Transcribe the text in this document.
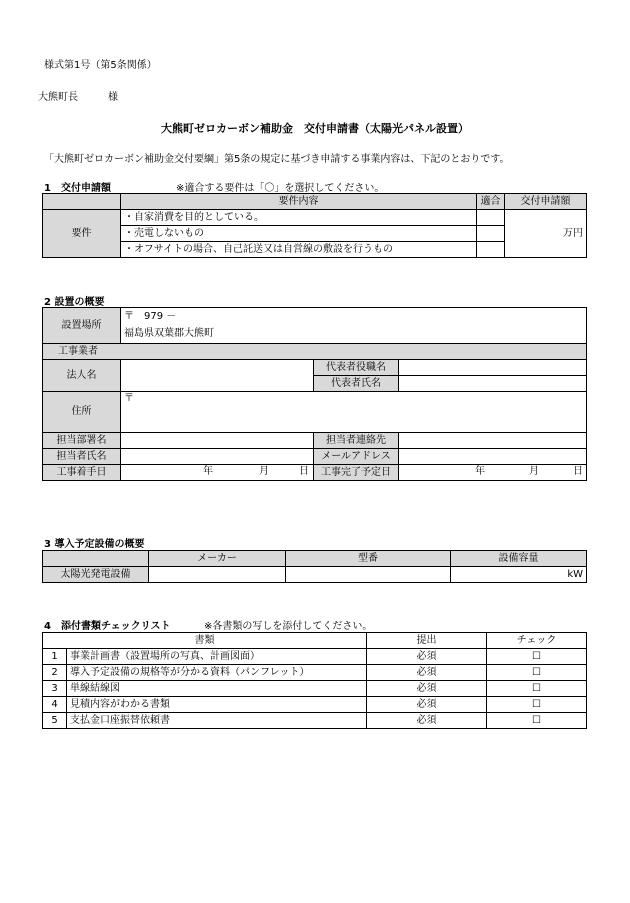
様式第1号（第5条関係）
大熊町長　　　様
大熊町ゼロカーボン補助金　交付申請書（太陽光パネル設置）
「大熊町ゼロカーボン補助金交付要綱」第5条の規定に基づき申請する事業内容は、下記のとおりです。
1　交付申請額	※適合する要件は「〇」を選択してください。
	要件内容	適合	交付申請額
要件	・自家消費を目的としている。		万円
	・売電しないもの		
	・オフサイトの場合、自己託送又は自営線の敷設を行うもの		
2 設置の概要
設置場所	〒　979 －		
	福島県双葉郡大熊町		
工事業者			
法人名		代表者役職名	
		代表者氏名	
住所	〒		
担当部署名		担当者連絡先	
担当者氏名		メールアドレス	
工事着手日	年 月 日	工事完了予定日	年 月 日
3 導入予定設備の概要
	メーカー	型番	設備容量
太陽光発電設備			kW
4　添付書類チェックリスト	※各書類の写しを添付してください。
書類		提出	チェック
1	事業計画書（設置場所の写真、計画図面）	必須	☐
2	導入予定設備の規格等が分かる資料（パンフレット）	必須	☐
3	単線結線図	必須	☐
4	見積内容がわかる書類	必須	☐
5	支払金口座振替依頼書	必須	☐
